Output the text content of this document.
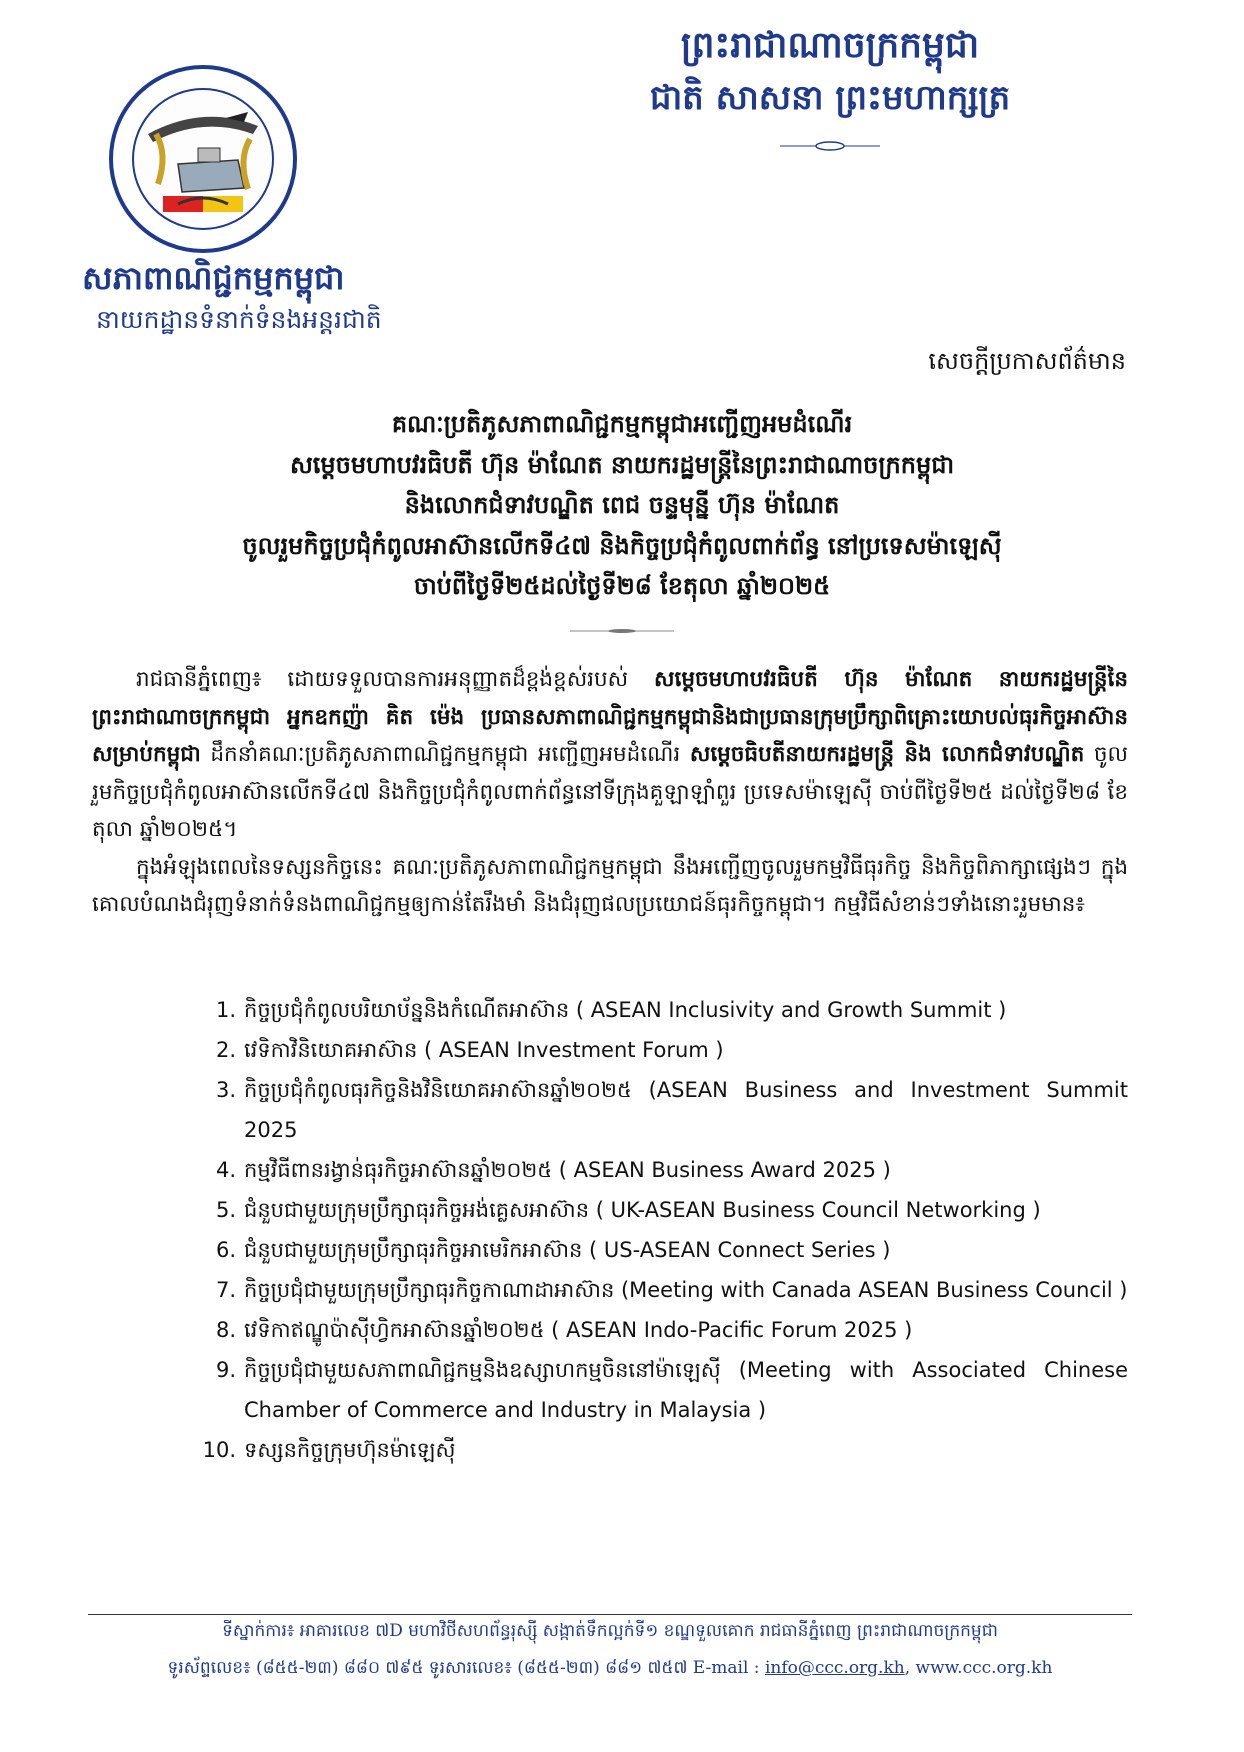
សភាពាណិជ្ជកម្មកម្ពុជា
នាយកដ្ឋានទំនាក់ទំនងអន្តរជាតិ
ព្រះរាជាណាចក្រកម្ពុជា
ជាតិ សាសនា ព្រះមហាក្សត្រ
សេចក្ដីប្រកាសព័ត៌មាន
គណៈប្រតិភូសភាពាណិជ្ជកម្មកម្ពុជាអញ្ជើញអមដំណើរ
សម្ដេចមហាបវរធិបតី ហ៊ុន ម៉ាណែត នាយករដ្ឋមន្ត្រីនៃព្រះរាជាណាចក្រកម្ពុជា
និងលោកជំទាវបណ្ឌិត ពេជ ចន្ទមុន្នី ហ៊ុន ម៉ាណែត
ចូលរួមកិច្ចប្រជុំកំពូលអាស៊ានលើកទី៤៧ និងកិច្ចប្រជុំកំពូលពាក់ព័ន្ធ នៅប្រទេសម៉ាឡេស៊ី
ចាប់ពីថ្ងៃទី២៥ដល់ថ្ងៃទី២៨ ខែតុលា ឆ្នាំ២០២៥

រាជធានីភ្នំពេញ៖ ដោយទទួលបានការអនុញ្ញាតដ៏ខ្ពង់ខ្ពស់របស់ សម្ដេចមហាបវរធិបតី ហ៊ុន ម៉ាណែត នាយករដ្ឋមន្ត្រីនៃព្រះរាជាណាចក្រកម្ពុជា អ្នកឧកញ៉ា គិត ម៉េង ប្រធានសភាពាណិជ្ជកម្មកម្ពុជានិងជាប្រធានក្រុមប្រឹក្សាពិគ្រោះយោបល់ធុរកិច្ចអាស៊ានសម្រាប់កម្ពុជា ដឹកនាំគណៈប្រតិភូសភាពាណិជ្ជកម្មកម្ពុជា អញ្ជើញអមដំណើរ សម្ដេចធិបតីនាយករដ្ឋមន្ត្រី និង លោកជំទាវបណ្ឌិត ចូលរួមកិច្ចប្រជុំកំពូលអាស៊ានលើកទី៤៧ និងកិច្ចប្រជុំកំពូលពាក់ព័ន្ធនៅទីក្រុងគួឡាឡាំពួរ ប្រទេសម៉ាឡេស៊ី ចាប់ពីថ្ងៃទី២៥ ដល់ថ្ងៃទី២៨ ខែតុលា ឆ្នាំ២០២៥។

ក្នុងអំឡុងពេលនៃទស្សនកិច្ចនេះ គណៈប្រតិភូសភាពាណិជ្ជកម្មកម្ពុជា នឹងអញ្ជើញចូលរួមកម្មវិធីធុរកិច្ច និងកិច្ចពិភាក្សាផ្សេងៗ ក្នុងគោលបំណងជំរុញទំនាក់ទំនងពាណិជ្ជកម្មឲ្យកាន់តែរឹងមាំ និងជំរុញផលប្រយោជន៍ធុរកិច្ចកម្ពុជា។ កម្មវិធីសំខាន់ៗទាំងនោះរួមមាន៖

1. កិច្ចប្រជុំកំពូលបរិយាប័ន្ននិងកំណើតអាស៊ាន ( ASEAN Inclusivity and Growth Summit )
2. វេទិកាវិនិយោគអាស៊ាន ( ASEAN Investment Forum )
3. កិច្ចប្រជុំកំពូលធុរកិច្ចនិងវិនិយោគអាស៊ានឆ្នាំ២០២៥ (ASEAN Business and Investment Summit 2025
4. កម្មវិធីពានរង្វាន់ធុរកិច្ចអាស៊ានឆ្នាំ២០២៥ ( ASEAN Business Award 2025 )
5. ជំនួបជាមួយក្រុមប្រឹក្សាធុរកិច្ចអង់គ្លេសអាស៊ាន ( UK-ASEAN Business Council Networking )
6. ជំនួបជាមួយក្រុមប្រឹក្សាធុរកិច្ចអាមេរិកអាស៊ាន ( US-ASEAN Connect Series )
7. កិច្ចប្រជុំជាមួយក្រុមប្រឹក្សាធុរកិច្ចកាណាដាអាស៊ាន (Meeting with Canada ASEAN Business Council )
8. វេទិកាឥណ្ឌូប៉ាស៊ីហ្វិកអាស៊ានឆ្នាំ២០២៥ ( ASEAN Indo-Pacific Forum 2025 )
9. កិច្ចប្រជុំជាមួយសភាពាណិជ្ជកម្មនិងឧស្សាហកម្មចិននៅម៉ាឡេស៊ី (Meeting with Associated Chinese Chamber of Commerce and Industry in Malaysia )
10. ទស្សនកិច្ចក្រុមហ៊ុនម៉ាឡេស៊ី
ទីស្នាក់ការ៖ អាគារលេខ ៧D មហាវិថីសហព័ន្ធរុស្ស៊ី សង្កាត់ទឹកល្អក់ទី១ ខណ្ឌទួលគោក រាជធានីភ្នំពេញ ព្រះរាជាណាចក្រកម្ពុជា
ទូរស័ព្ទលេខ៖ (៨៥៥-២៣) ៨៨០ ៧៩៥ ទូរសារលេខ៖ (៨៥៥-២៣) ៨៨១ ៧៥៧ E-mail : info@ccc.org.kh, www.ccc.org.kh
